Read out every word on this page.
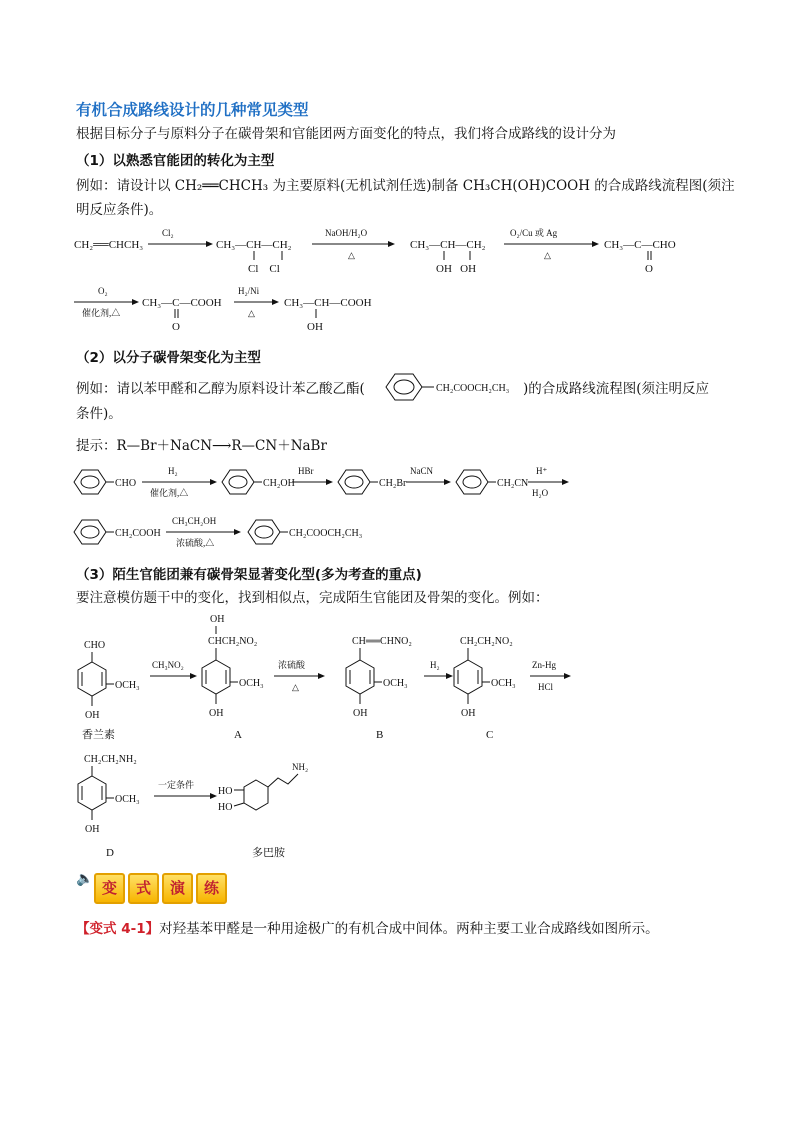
有机合成路线设计的几种常见类型
根据目标分子与原料分子在碳骨架和官能团两方面变化的特点，我们将合成路线的设计分为
（1）以熟悉官能团的转化为主型
例如：请设计以 CH₂══CHCH₃ 为主要原料(无机试剂任选)制备 CH₃CH(OH)COOH 的合成路线流程图(须注
明反应条件)。
CH₂══CHCH₃
Cl₂
CH₃—CH—CH₂
Cl    Cl
NaOH/H₂O
△
CH₃—CH—CH₂
OH   OH
O₂/Cu 或 Ag
△
CH₃—C—CHO
O
O₂
催化剂,△
CH₃—C—COOH
O
H₂/Ni
△
CH₃—CH—COOH
OH
（2）以分子碳骨架变化为主型
例如：请以苯甲醛和乙醇为原料设计苯乙酸乙酯(	CH₂COOCH₂CH₃ )的合成路线流程图(须注明反应
条件)。
提示：R—Br＋NaCN⟶R—CN＋NaBr
CHO
H₂
催化剂,△
CH₂OH
HBr
CH₂Br
NaCN
CH₂CN
H⁺
H₂O
CH₂COOH
CH₃CH₂OH
浓硫酸,△
CH₂COOCH₂CH₃
（3）陌生官能团兼有碳骨架显著变化型(多为考查的重点)
要注意模仿题干中的变化，找到相似点，完成陌生官能团及骨架的变化。例如：
CHO
OCH₃
OH
香兰素
CH₃NO₂
OH
CHCH₂NO₂
OCH₃
OH
A
浓硫酸
△
CH══CHNO₂
OCH₃
OH
B
H₂
CH₂CH₂NO₂
OCH₃
OH
C
Zn-Hg
HCl
CH₂CH₂NH₂
OCH₃
OH
D
一定条件
HO
HO
NH₂
多巴胺
🔈 变	式	演	练
【变式 4-1】对羟基苯甲醛是一种用途极广的有机合成中间体。两种主要工业合成路线如图所示。
